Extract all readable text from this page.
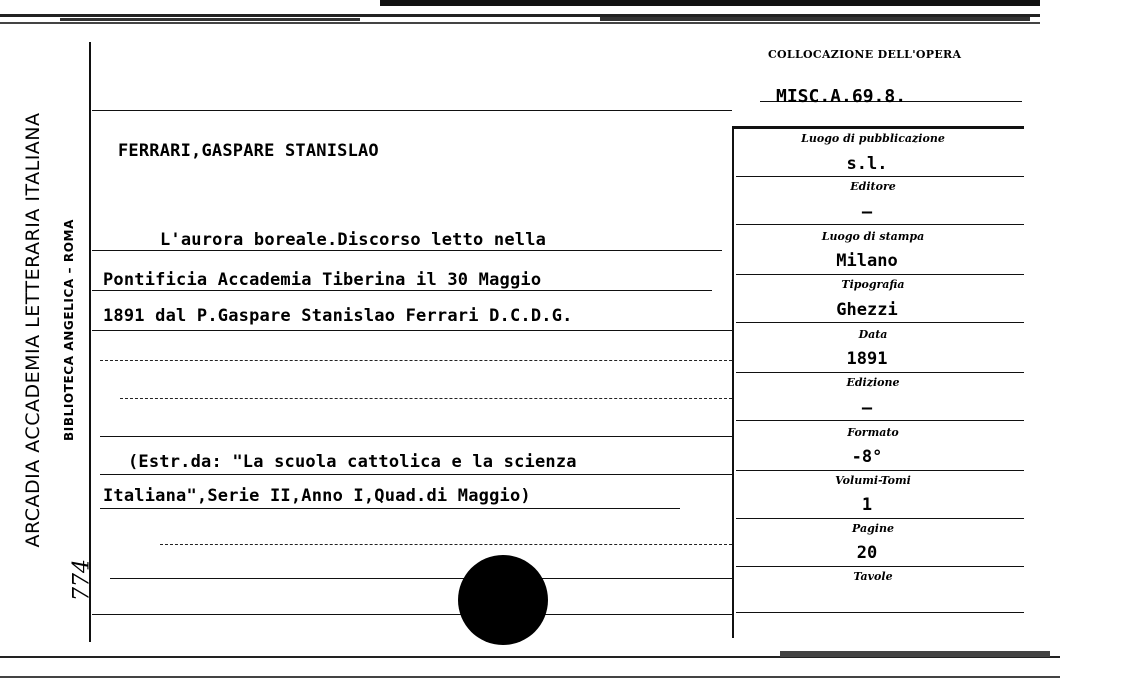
ARCADIA ACCADEMIA LETTERARIA ITALIANA BIBLIOTECA ANGELICA – ROMA
774
COLLOCAZIONE DELL'OPERA
MISC.A.69.8.
FERRARI,GASPARE STANISLAO
L'aurora boreale.Discorso letto nella
Pontificia Accademia Tiberina il 30 Maggio
1891 dal P.Gaspare Stanislao Ferrari D.C.D.G.
(Estr.da: "La scuola cattolica e la scienza
Italiana",Serie II,Anno I,Quad.di Maggio)
Luogo di pubblicazione
s.l.
Editore
–
Luogo di stampa
Milano
Tipografia
Ghezzi
Data
1891
Edizione
–
Formato
-8°
Volumi-Tomi
1
Pagine
20
Tavole
